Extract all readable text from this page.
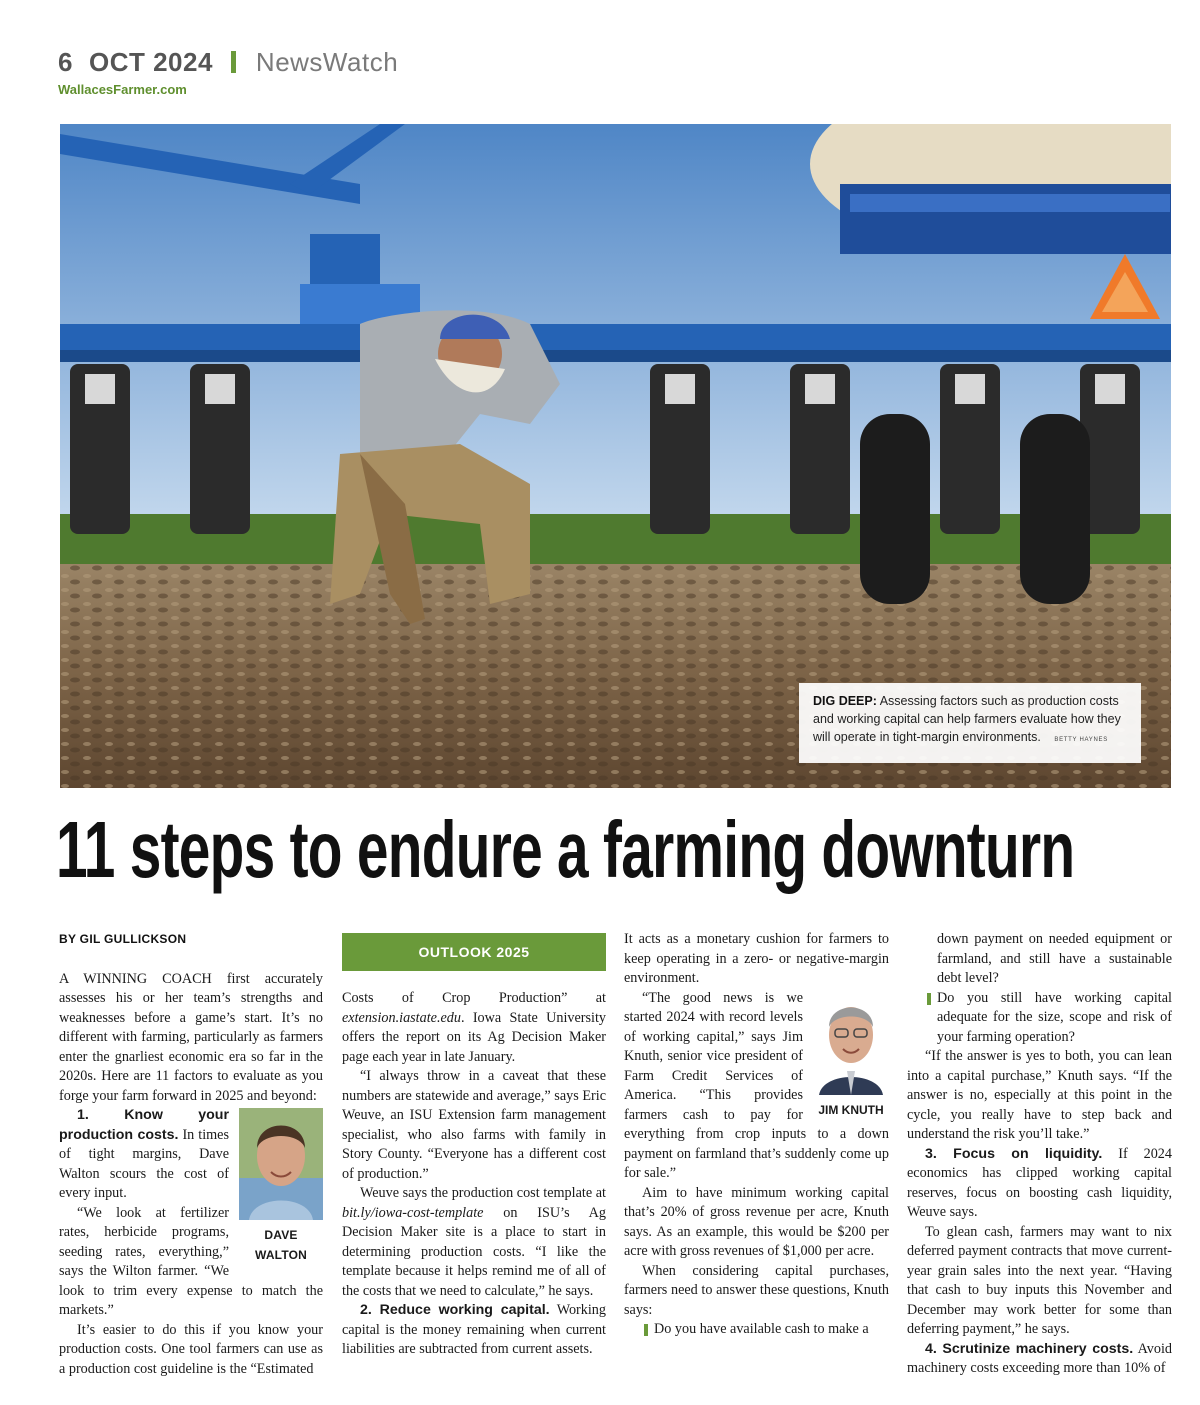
6 OCT 2024 NewsWatch
WallacesFarmer.com
DIG DEEP: Assessing factors such as production costs and working capital can help farmers evaluate how they will operate in tight-margin environments. BETTY HAYNES
11 steps to endure a farming downturn
BY GIL GULLICKSON

A WINNING COACH first accurately assesses his or her team’s strengths and weaknesses before a game’s start. It’s no different with farming, particularly as farmers enter the gnarliest economic era so far in the 2020s. Here are 11 factors to evaluate as you forge your farm forward in 2025 and beyond:

DAVE WALTON

1. Know your production costs. In times of tight margins, Dave Walton scours the cost of every input.

“We look at fertilizer rates, herbicide programs, seeding rates, everything,” says the Wilton farmer. “We look to trim every expense to match the markets.”

It’s easier to do this if you know your production costs. One tool farmers can use as a production cost guideline is the “Estimated

OUTLOOK 2025

Costs of Crop Production” at extension.iastate.edu. Iowa State University offers the report on its Ag Decision Maker page each year in late January.

“I always throw in a caveat that these numbers are statewide and average,” says Eric Weuve, an ISU Extension farm management specialist, who also farms with family in Story County. “Everyone has a different cost of production.”

Weuve says the production cost template at bit.ly/iowa-cost-template on ISU’s Ag Decision Maker site is a place to start in determining production costs. “I like the template because it helps remind me of all of the costs that we need to calculate,” he says.

2. Reduce working capital. Working capital is the money remaining when current liabilities are subtracted from current assets.

It acts as a monetary cushion for farmers to keep operating in a zero- or negative-margin environment.

JIM KNUTH

“The good news is we started 2024 with record levels of working capital,” says Jim Knuth, senior vice president of Farm Credit Services of America. “This provides farmers cash to pay for everything from crop inputs to a down payment on farmland that’s suddenly come up for sale.”

Aim to have minimum working capital that’s 20% of gross revenue per acre, Knuth says. As an example, this would be $200 per acre with gross revenues of $1,000 per acre.

When considering capital purchases, farmers need to answer these questions, Knuth says:

Do you have available cash to make a

down payment on needed equipment or farmland, and still have a sustainable debt level?

Do you still have working capital adequate for the size, scope and risk of your farming operation?

“If the answer is yes to both, you can lean into a capital purchase,” Knuth says. “If the answer is no, especially at this point in the cycle, you really have to step back and understand the risk you’ll take.”

3. Focus on liquidity. If 2024 economics has clipped working capital reserves, focus on boosting cash liquidity, Weuve says.

To glean cash, farmers may want to nix deferred payment contracts that move current-year grain sales into the next year. “Having that cash to buy inputs this November and December may work better for some than deferring payment,” he says.

4. Scrutinize machinery costs. Avoid machinery costs exceeding more than 10% of
